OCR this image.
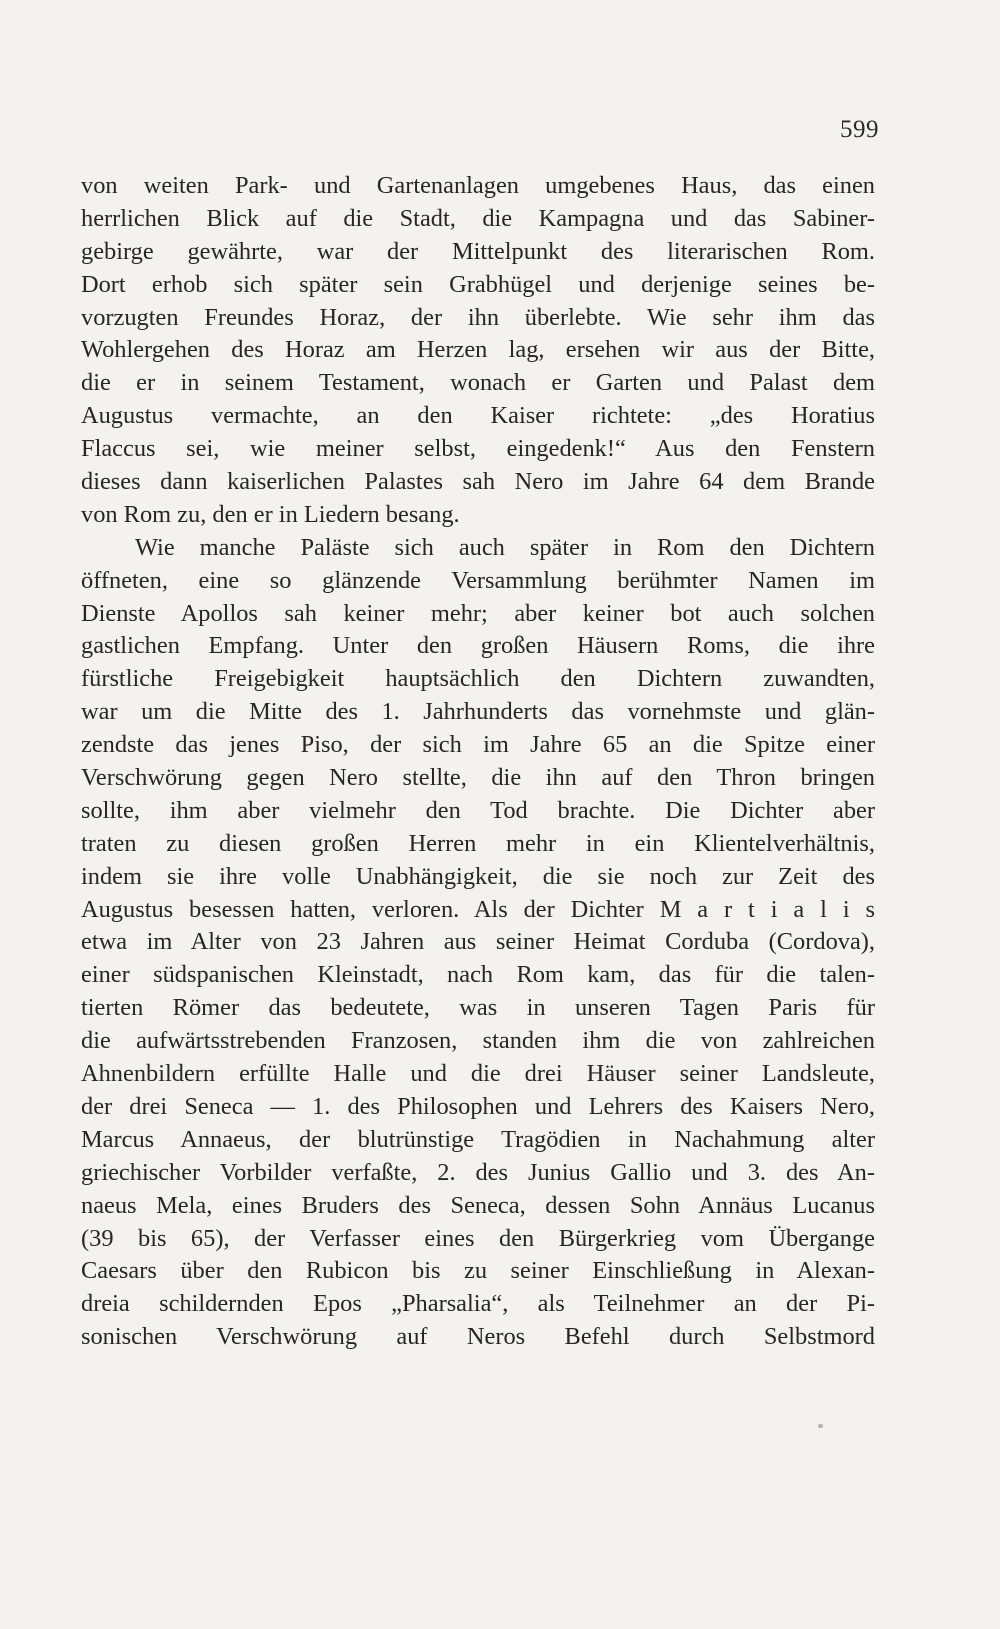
599
von weiten Park- und Gartenanlagen umgebenes Haus, das einen
herrlichen Blick auf die Stadt, die Kampagna und das Sabiner-
gebirge gewährte, war der Mittelpunkt des literarischen Rom.
Dort erhob sich später sein Grabhügel und derjenige seines be-
vorzugten Freundes Horaz, der ihn überlebte. Wie sehr ihm das
Wohlergehen des Horaz am Herzen lag, ersehen wir aus der Bitte,
die er in seinem Testament, wonach er Garten und Palast dem
Augustus vermachte, an den Kaiser richtete: „des Horatius
Flaccus sei, wie meiner selbst, eingedenk!“ Aus den Fenstern
dieses dann kaiserlichen Palastes sah Nero im Jahre 64 dem Brande
von Rom zu, den er in Liedern besang.
Wie manche Paläste sich auch später in Rom den Dichtern
öffneten, eine so glänzende Versammlung berühmter Namen im
Dienste Apollos sah keiner mehr; aber keiner bot auch solchen
gastlichen Empfang. Unter den großen Häusern Roms, die ihre
fürstliche Freigebigkeit hauptsächlich den Dichtern zuwandten,
war um die Mitte des 1. Jahrhunderts das vornehmste und glän-
zendste das jenes Piso, der sich im Jahre 65 an die Spitze einer
Verschwörung gegen Nero stellte, die ihn auf den Thron bringen
sollte, ihm aber vielmehr den Tod brachte. Die Dichter aber
traten zu diesen großen Herren mehr in ein Klientelverhältnis,
indem sie ihre volle Unabhängigkeit, die sie noch zur Zeit des
Augustus besessen hatten, verloren. Als der Dichter M a r t i a l i s
etwa im Alter von 23 Jahren aus seiner Heimat Corduba (Cordova),
einer südspanischen Kleinstadt, nach Rom kam, das für die talen-
tierten Römer das bedeutete, was in unseren Tagen Paris für
die aufwärtsstrebenden Franzosen, standen ihm die von zahlreichen
Ahnenbildern erfüllte Halle und die drei Häuser seiner Landsleute,
der drei Seneca — 1. des Philosophen und Lehrers des Kaisers Nero,
Marcus Annaeus, der blutrünstige Tragödien in Nachahmung alter
griechischer Vorbilder verfaßte, 2. des Junius Gallio und 3. des An-
naeus Mela, eines Bruders des Seneca, dessen Sohn Annäus Lucanus
(39 bis 65), der Verfasser eines den Bürgerkrieg vom Übergange
Caesars über den Rubicon bis zu seiner Einschließung in Alexan-
dreia schildernden Epos „Pharsalia“, als Teilnehmer an der Pi-
sonischen Verschwörung auf Neros Befehl durch Selbstmord
